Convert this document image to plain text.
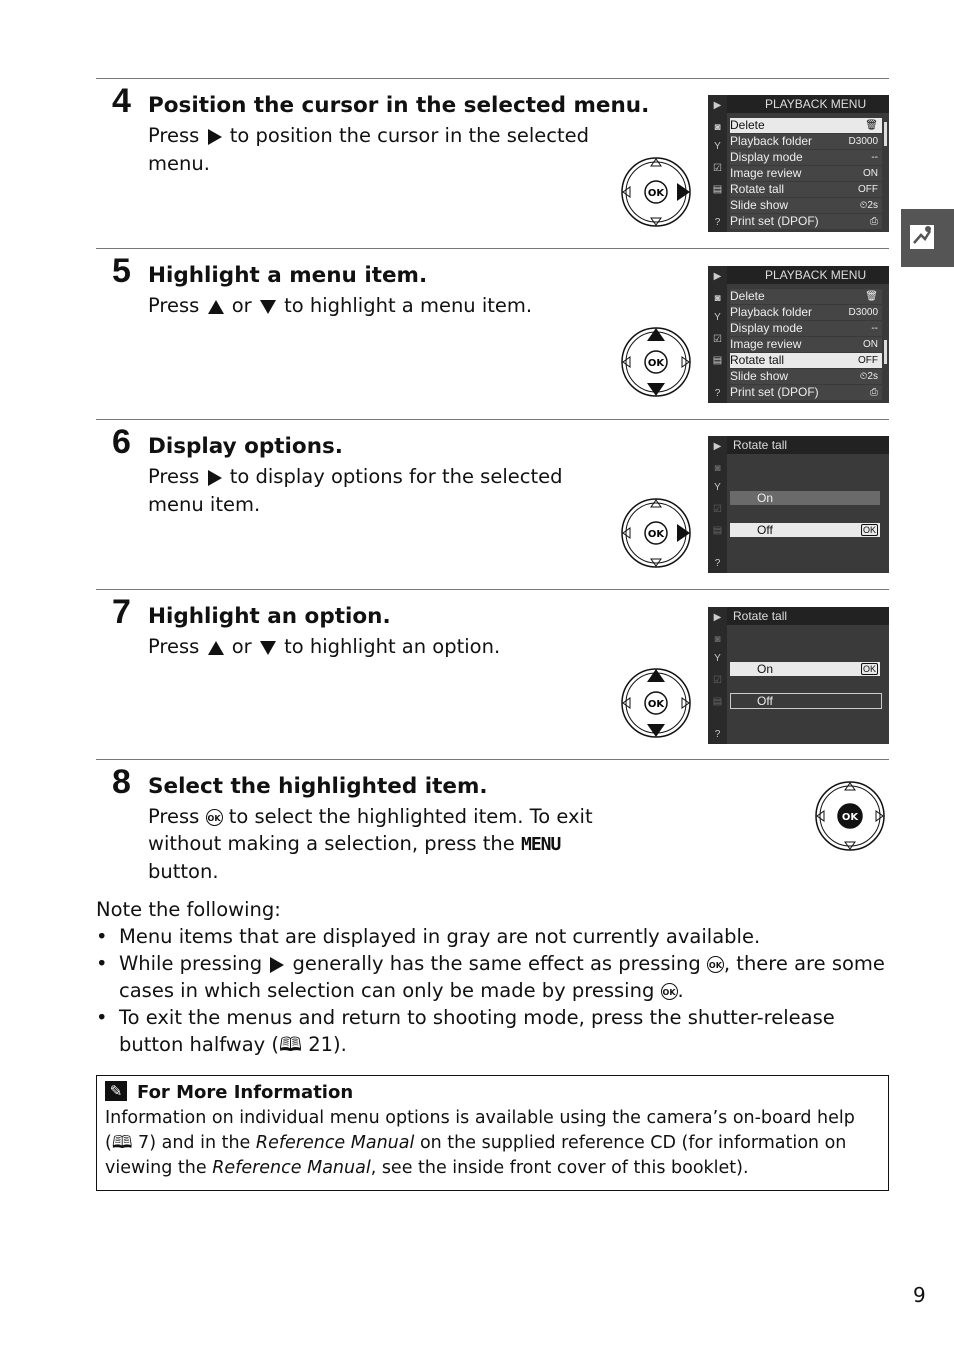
4 Position the cursor in the selected menu.
Press to position the cursor in the selected menu.
OK
▶
◙
Y
☑
▤
?
PLAYBACK MENU
Delete	🗑
Playback folder	D3000
Display mode	--
Image review	ON
Rotate tall	OFF
Slide show	⏲2s
Print set (DPOF)	⎙
5 Highlight a menu item.
Press or to highlight a menu item.
OK
▶
◙
Y
☑
▤
?
PLAYBACK MENU
Delete	🗑
Playback folder	D3000
Display mode	--
Image review	ON
Rotate tall	OFF
Slide show	⏲2s
Print set (DPOF)	⎙
6 Display options.
Press to display options for the selected menu item.
OK
▶
◙
Y
☑
▤
?
Rotate tall
On
Off	OK
7 Highlight an option.
Press or to highlight an option.
OK
▶
◙
Y
☑
▤
?
Rotate tall
On	OK
Off
8 Select the highlighted item.
Press OK to select the highlighted item. To exit without making a selection, press the MENU button.
OK
Note the following:
• Menu items that are displayed in gray are not currently available.
• While pressing generally has the same effect as pressing OK , there are some cases in which selection can only be made by pressing OK .
• To exit the menus and return to shooting mode, press the shutter-release button halfway (🕮 21).
✎ For More Information
Information on individual menu options is available using the camera’s on-board help (🕮 7) and in the Reference Manual on the supplied reference CD (for information on viewing the Reference Manual, see the inside front cover of this booklet).
9
